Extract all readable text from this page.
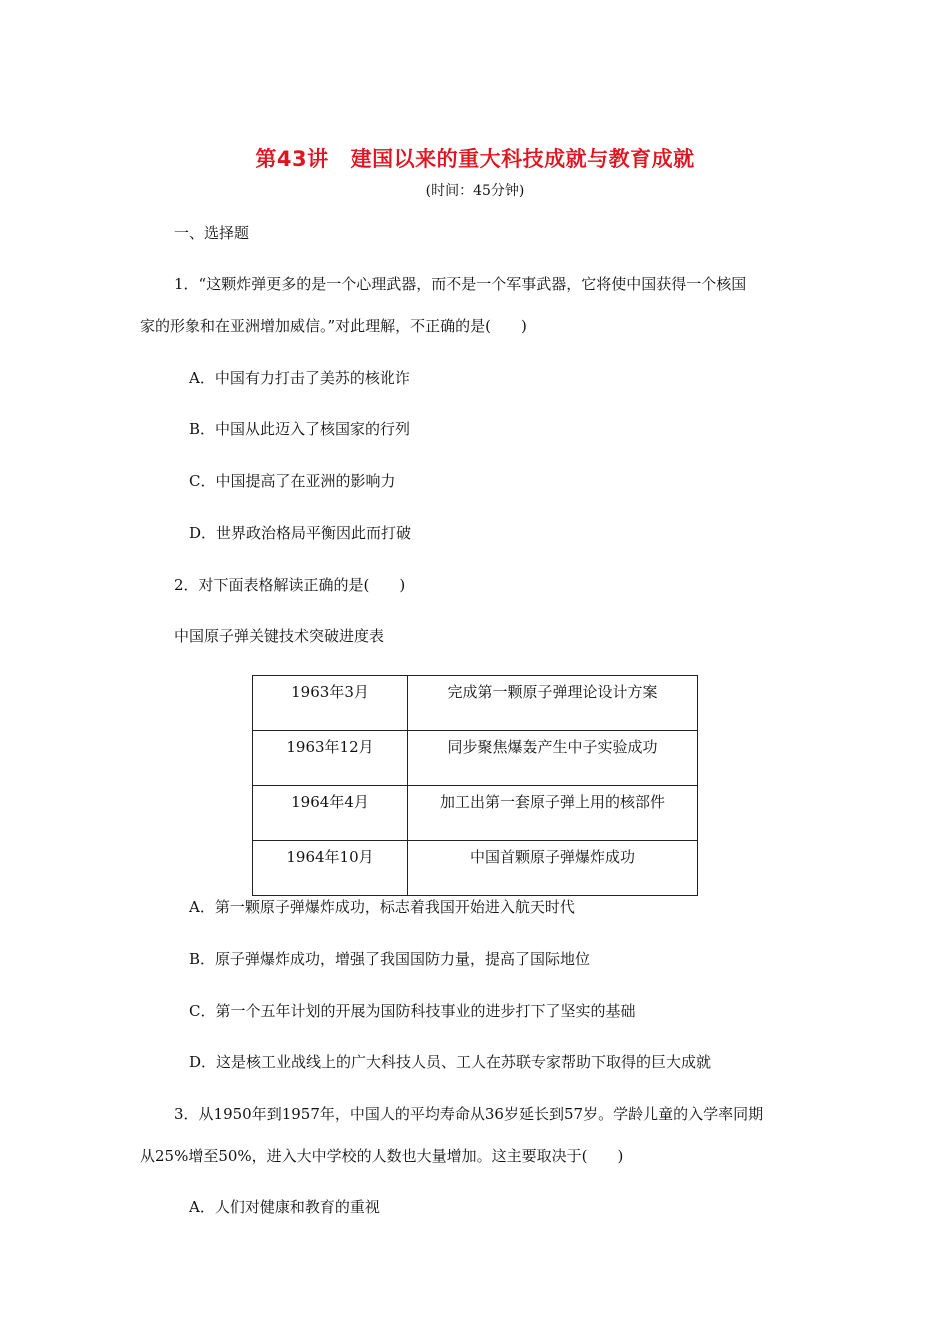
第43讲 建国以来的重大科技成就与教育成就
(时间：45分钟)
一、选择题
1．“这颗炸弹更多的是一个心理武器，而不是一个军事武器，它将使中国获得一个核国
家的形象和在亚洲增加威信。”对此理解，不正确的是(　　)
A．中国有力打击了美苏的核讹诈
B．中国从此迈入了核国家的行列
C．中国提高了在亚洲的影响力
D．世界政治格局平衡因此而打破
2．对下面表格解读正确的是(　　)
中国原子弹关键技术突破进度表
1963年3月	完成第一颗原子弹理论设计方案
1963年12月	同步聚焦爆轰产生中子实验成功
1964年4月	加工出第一套原子弹上用的核部件
1964年10月	中国首颗原子弹爆炸成功
A．第一颗原子弹爆炸成功，标志着我国开始进入航天时代
B．原子弹爆炸成功，增强了我国国防力量，提高了国际地位
C．第一个五年计划的开展为国防科技事业的进步打下了坚实的基础
D．这是核工业战线上的广大科技人员、工人在苏联专家帮助下取得的巨大成就
3．从1950年到1957年，中国人的平均寿命从36岁延长到57岁。学龄儿童的入学率同期
从25%增至50%，进入大中学校的人数也大量增加。这主要取决于(　　)
A．人们对健康和教育的重视
